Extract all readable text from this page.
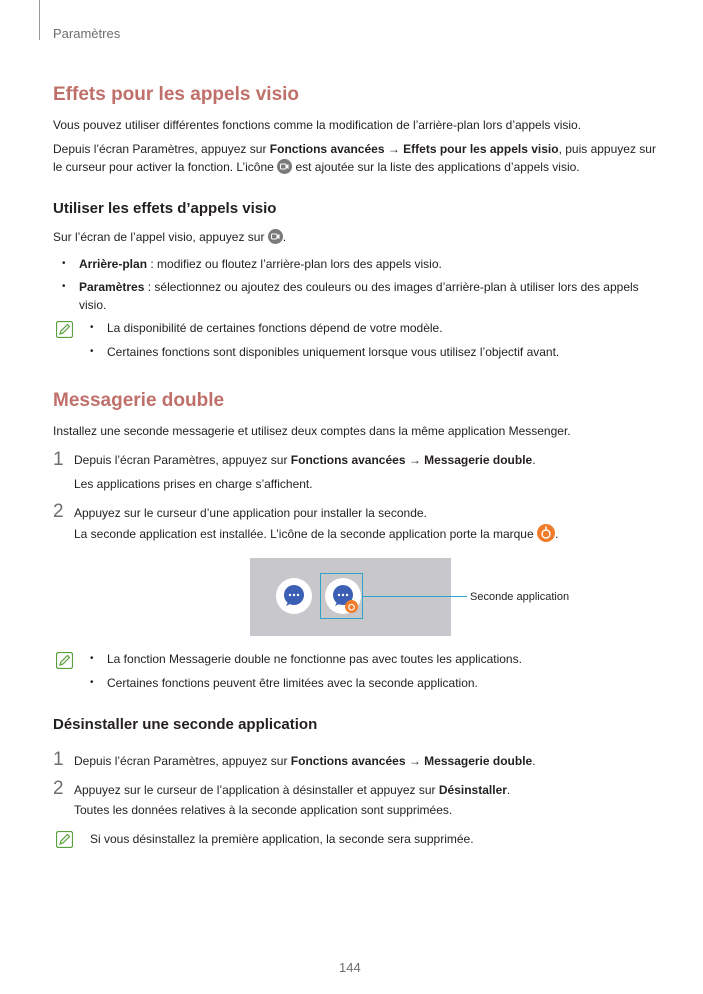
Paramètres
Effets pour les appels visio
Vous pouvez utiliser différentes fonctions comme la modification de l’arrière-plan lors d’appels visio.
Depuis l’écran Paramètres, appuyez sur Fonctions avancées → Effets pour les appels visio, puis appuyez sur
le curseur pour activer la fonction. L’icône  est ajoutée sur la liste des applications d’appels visio.
Utiliser les effets d’appels visio
Sur l’écran de l’appel visio, appuyez sur .
• Arrière-plan : modifiez ou floutez l’arrière-plan lors des appels visio.
• Paramètres : sélectionnez ou ajoutez des couleurs ou des images d’arrière-plan à utiliser lors des appels
visio.
• La disponibilité de certaines fonctions dépend de votre modèle.
• Certaines fonctions sont disponibles uniquement lorsque vous utilisez l’objectif avant.
Messagerie double
Installez une seconde messagerie et utilisez deux comptes dans la même application Messenger.
1 Depuis l’écran Paramètres, appuyez sur Fonctions avancées → Messagerie double.
Les applications prises en charge s’affichent.
2 Appuyez sur le curseur d’une application pour installer la seconde.
La seconde application est installée. L’icône de la seconde application porte la marque .
Seconde application
• La fonction Messagerie double ne fonctionne pas avec toutes les applications.
• Certaines fonctions peuvent être limitées avec la seconde application.
Désinstaller une seconde application
1 Depuis l’écran Paramètres, appuyez sur Fonctions avancées → Messagerie double.
2 Appuyez sur le curseur de l’application à désinstaller et appuyez sur Désinstaller.
Toutes les données relatives à la seconde application sont supprimées.
Si vous désinstallez la première application, la seconde sera supprimée.
144
